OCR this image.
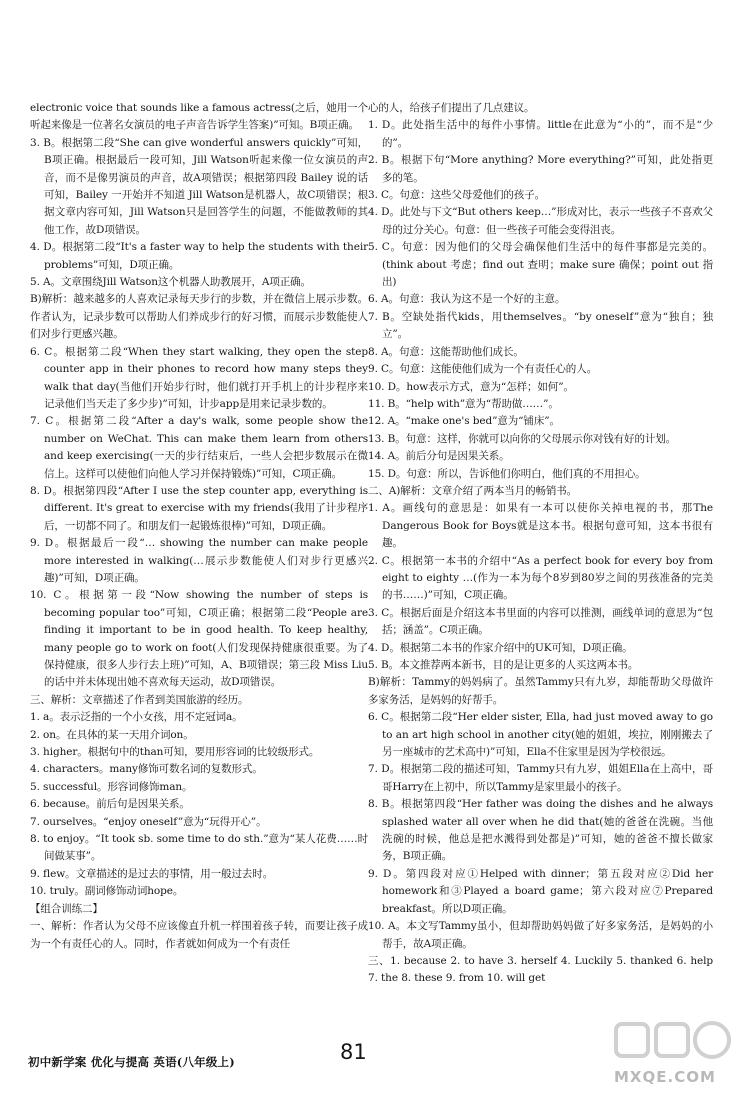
electronic voice that sounds like a famous actress(之后，她用一个听起来像是一位著名女演员的电子声音告诉学生答案)”可知。B项正确。

3. B。根据第二段“She can give wonderful answers quickly”可知，B项正确。根据最后一段可知，Jill Watson听起来像一位女演员的声音，而不是像男演员的声音，故A项错误；根据第四段 Bailey 说的话可知，Bailey 一开始并不知道 Jill Watson是机器人，故C项错误；根据文章内容可知，Jill Watson只是回答学生的问题，不能做教师的其他工作，故D项错误。

4. D。根据第二段“It's a faster way to help the students with their problems”可知，D项正确。

5. A。文章围绕Jill Watson这个机器人助教展开，A项正确。

B)解析：越来越多的人喜欢记录每天步行的步数，并在微信上展示步数。作者认为，记录步数可以帮助人们养成步行的好习惯，而展示步数能使人们对步行更感兴趣。

6. C。根据第二段“When they start walking, they open the step counter app in their phones to record how many steps they walk that day(当他们开始步行时，他们就打开手机上的计步程序来记录他们当天走了多少步)”可知，计步app是用来记录步数的。

7. C。根据第二段“After a day's walk, some people show the number on WeChat. This can make them learn from others and keep exercising(一天的步行结束后，一些人会把步数展示在微信上。这样可以使他们向他人学习并保持锻炼)”可知，C项正确。

8. D。根据第四段“After I use the step counter app, everything is different. It's great to exercise with my friends(我用了计步程序后，一切都不同了。和朋友们一起锻炼很棒)”可知，D项正确。

9. D。根据最后一段“… showing the number can make people more interested in walking(…展示步数能使人们对步行更感兴趣)”可知，D项正确。

10. C。根据第一段“Now showing the number of steps is becoming popular too”可知，C项正确；根据第二段“People are finding it important to be in good health. To keep healthy, many people go to work on foot(人们发现保持健康很重要。为了保持健康，很多人步行去上班)”可知，A、B项错误；第三段 Miss Liu 的话中并未体现出她不喜欢每天运动，故D项错误。

三、解析：文章描述了作者到美国旅游的经历。

1. a。表示泛指的一个小女孩，用不定冠词a。

2. on。在具体的某一天用介词on。

3. higher。根据句中的than可知，要用形容词的比较级形式。

4. characters。many修饰可数名词的复数形式。

5. successful。形容词修饰man。

6. because。前后句是因果关系。

7. ourselves。“enjoy oneself”意为“玩得开心”。

8. to enjoy。“It took sb. some time to do sth.”意为“某人花费……时间做某事”。

9. flew。文章描述的是过去的事情，用一般过去时。

10. truly。副词修饰动词hope。

【组合训练二】

一、解析：作者认为父母不应该像直升机一样围着孩子转，而要让孩子成为一个有责任心的人。同时，作者就如何成为一个有责任

心的人，给孩子们提出了几点建议。

1. D。此处指生活中的每件小事情。little在此意为“小的”，而不是“少的”。

2. B。根据下句“More anything? More everything?”可知，此处指更多的笔。

3. C。句意：这些父母爱他们的孩子。

4. D。此处与下文“But others keep…”形成对比，表示一些孩子不喜欢父母的过分关心。句意：但一些孩子可能会变得沮丧。

5. C。句意：因为他们的父母会确保他们生活中的每件事都是完美的。(think about 考虑；find out 查明；make sure 确保；point out 指出)

6. A。句意：我认为这不是一个好的主意。

7. B。空缺处指代kids，用themselves。“by oneself”意为“独自；独立”。

8. A。句意：这能帮助他们成长。

9. C。句意：这能使他们成为一个有责任心的人。

10. D。how表示方式，意为“怎样；如何”。

11. B。“help with”意为“帮助做……”。

12. A。“make one's bed”意为“铺床”。

13. B。句意：这样，你就可以向你的父母展示你对钱有好的计划。

14. A。前后分句是因果关系。

15. D。句意：所以，告诉他们你明白，他们真的不用担心。

二、A)解析：文章介绍了两本当月的畅销书。

1. A。画线句的意思是：如果有一本可以使你关掉电视的书，那The Dangerous Book for Boys就是这本书。根据句意可知，这本书很有趣。

2. C。根据第一本书的介绍中“As a perfect book for every boy from eight to eighty …(作为一本为每个8岁到80岁之间的男孩准备的完美的书……)”可知，C项正确。

3. C。根据后面是介绍这本书里面的内容可以推测，画线单词的意思为“包括；涵盖”。C项正确。

4. D。根据第二本书的作家介绍中的UK可知，D项正确。

5. B。本文推荐两本新书，目的是让更多的人买这两本书。

B)解析：Tammy的妈妈病了。虽然Tammy只有九岁，却能帮助父母做许多家务活，是妈妈的好帮手。

6. C。根据第二段“Her elder sister, Ella, had just moved away to go to an art high school in another city(她的姐姐，埃拉，刚刚搬去了另一座城市的艺术高中)”可知，Ella不住家里是因为学校很远。

7. D。根据第二段的描述可知，Tammy只有九岁，姐姐Ella在上高中，哥哥Harry在上初中，所以Tammy是家里最小的孩子。

8. B。根据第四段“Her father was doing the dishes and he always splashed water all over when he did that(她的爸爸在洗碗。当他洗碗的时候，他总是把水溅得到处都是)”可知，她的爸爸不擅长做家务，B项正确。

9. D。第四段对应①Helped with dinner；第五段对应②Did her homework和③Played a board game；第六段对应⑦Prepared breakfast。所以D项正确。

10. A。本文写Tammy虽小，但却帮助妈妈做了好多家务活，是妈妈的小帮手，故A项正确。

三、1. because 2. to have 3. herself 4. Luckily 5. thanked 6. help 7. the 8. these 9. from 10. will get

初中新学案 优化与提高 英语(八年级上)	81
MXQE.COM
